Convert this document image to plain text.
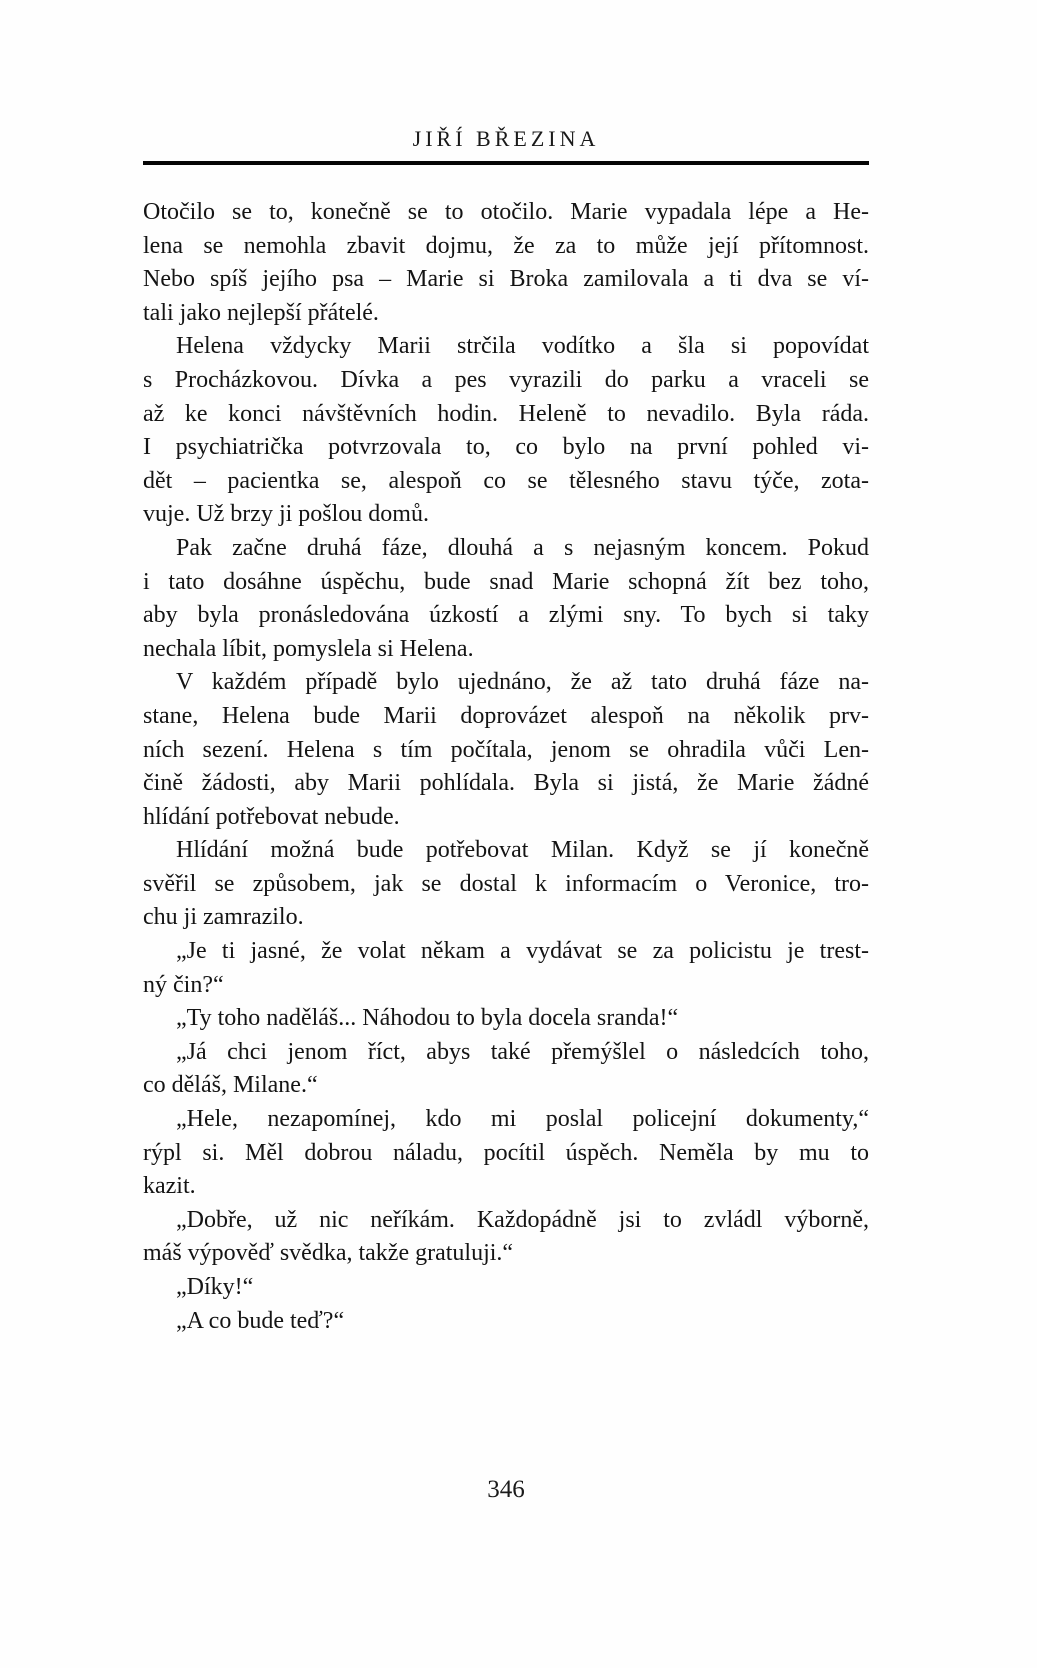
JIŘÍ BŘEZINA
Otočilo se to, konečně se to otočilo. Marie vypadala lépe a He-
lena se nemohla zbavit dojmu, že za to může její přítomnost.
Nebo spíš jejího psa – Marie si Broka zamilovala a ti dva se ví-
tali jako nejlepší přátelé.
Helena vždycky Marii strčila vodítko a šla si popovídat
s Procházkovou. Dívka a pes vyrazili do parku a vraceli se
až ke konci návštěvních hodin. Heleně to nevadilo. Byla ráda.
I psychiatrička potvrzovala to, co bylo na první pohled vi-
dět – pacientka se, alespoň co se tělesného stavu týče, zota-
vuje. Už brzy ji pošlou domů.
Pak začne druhá fáze, dlouhá a s nejasným koncem. Pokud
i tato dosáhne úspěchu, bude snad Marie schopná žít bez toho,
aby byla pronásledována úzkostí a zlými sny. To bych si taky
nechala líbit, pomyslela si Helena.
V každém případě bylo ujednáno, že až tato druhá fáze na-
stane, Helena bude Marii doprovázet alespoň na několik prv-
ních sezení. Helena s tím počítala, jenom se ohradila vůči Len-
čině žádosti, aby Marii pohlídala. Byla si jistá, že Marie žádné
hlídání potřebovat nebude.
Hlídání možná bude potřebovat Milan. Když se jí konečně
svěřil se způsobem, jak se dostal k informacím o Veronice, tro-
chu ji zamrazilo.
„Je ti jasné, že volat někam a vydávat se za policistu je trest-
ný čin?“
„Ty toho naděláš... Náhodou to byla docela sranda!“
„Já chci jenom říct, abys také přemýšlel o následcích toho,
co děláš, Milane.“
„Hele, nezapomínej, kdo mi poslal policejní dokumenty,“
rýpl si. Měl dobrou náladu, pocítil úspěch. Neměla by mu to
kazit.
„Dobře, už nic neříkám. Každopádně jsi to zvládl výborně,
máš výpověď svědka, takže gratuluji.“
„Díky!“
„A co bude teď?“
346
